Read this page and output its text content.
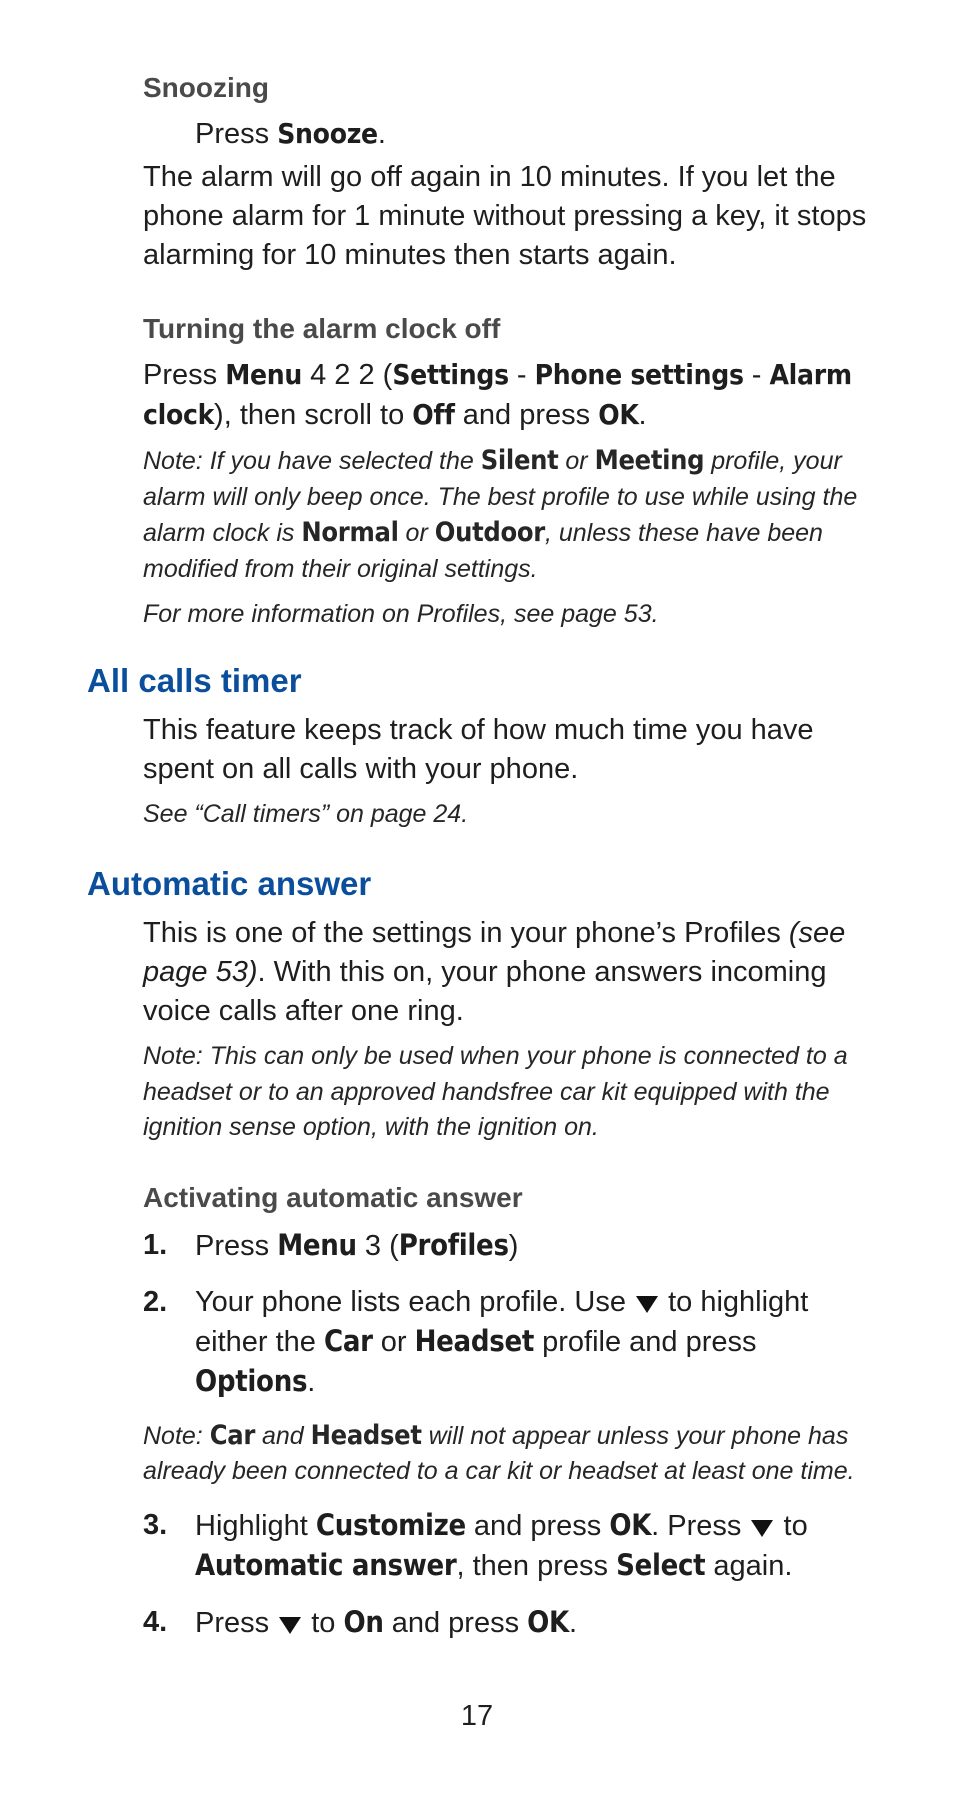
Snoozing

Press Snooze.

The alarm will go off again in 10 minutes. If you let the phone alarm for 1 minute without pressing a key, it stops alarming for 10 minutes then starts again.

Turning the alarm clock off

Press Menu 4 2 2 (Settings - Phone settings - Alarm clock), then scroll to Off and press OK.

Note: If you have selected the Silent or Meeting profile, your alarm will only beep once. The best profile to use while using the alarm clock is Normal or Outdoor, unless these have been modified from their original settings.

For more information on Profiles, see page 53.

All calls timer

This feature keeps track of how much time you have spent on all calls with your phone.

See “Call timers” on page 24.

Automatic answer

This is one of the settings in your phone’s Profiles (see page 53). With this on, your phone answers incoming voice calls after one ring.

Note: This can only be used when your phone is connected to a headset or to an approved handsfree car kit equipped with the ignition sense option, with the ignition on.

Activating automatic answer
1. Press Menu 3 (Profiles)
2. Your phone lists each profile. Use  to highlight either the Car or Headset profile and press Options.

Note: Car and Headset will not appear unless your phone has already been connected to a car kit or headset at least one time.

3. Highlight Customize and press OK. Press  to Automatic answer, then press Select again.
4. Press  to On and press OK.
17
